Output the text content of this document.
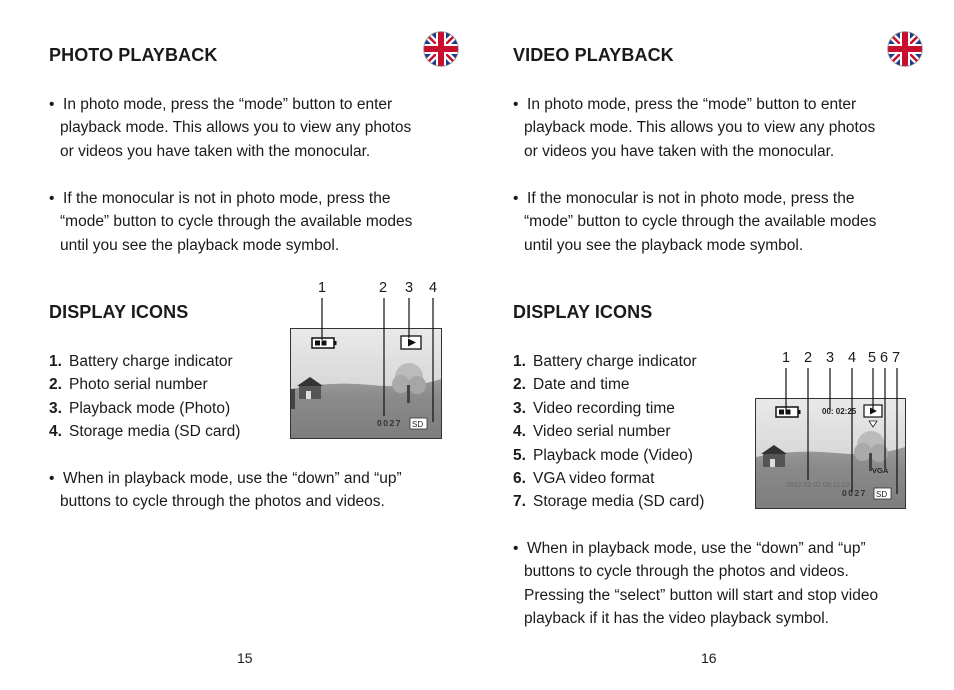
PHOTO PLAYBACK
•  In photo mode, press the “mode” button to enter
playback mode. This allows you to view any photos
or videos you have taken with the monocular.
•  If the monocular is not in photo mode, press the
“mode” button to cycle through the available modes
until you see the playback mode symbol.
DISPLAY ICONS
1. Battery charge indicator
2. Photo serial number
3. Playback mode (Photo)
4. Storage media (SD card)
1	2 3 4
0027 SD
•  When in playback mode, use the “down” and “up”
buttons to cycle through the photos and videos.
15
VIDEO PLAYBACK
•  In photo mode, press the “mode” button to enter
playback mode. This allows you to view any photos
or videos you have taken with the monocular.
•  If the monocular is not in photo mode, press the
“mode” button to cycle through the available modes
until you see the playback mode symbol.
DISPLAY ICONS
1. Battery charge indicator
2. Date and time
3. Video recording time
4. Video serial number
5. Playback mode (Video)
6. VGA video format
7. Storage media (SD card)
1 2 3 4 5 6 7
00: 02:25
VGA
2012.02.02 09:11:22
0027 SD
•  When in playback mode, use the “down” and “up”
buttons to cycle through the photos and videos.
Pressing the “select” button will start and stop video
playback if it has the video playback symbol.
16
